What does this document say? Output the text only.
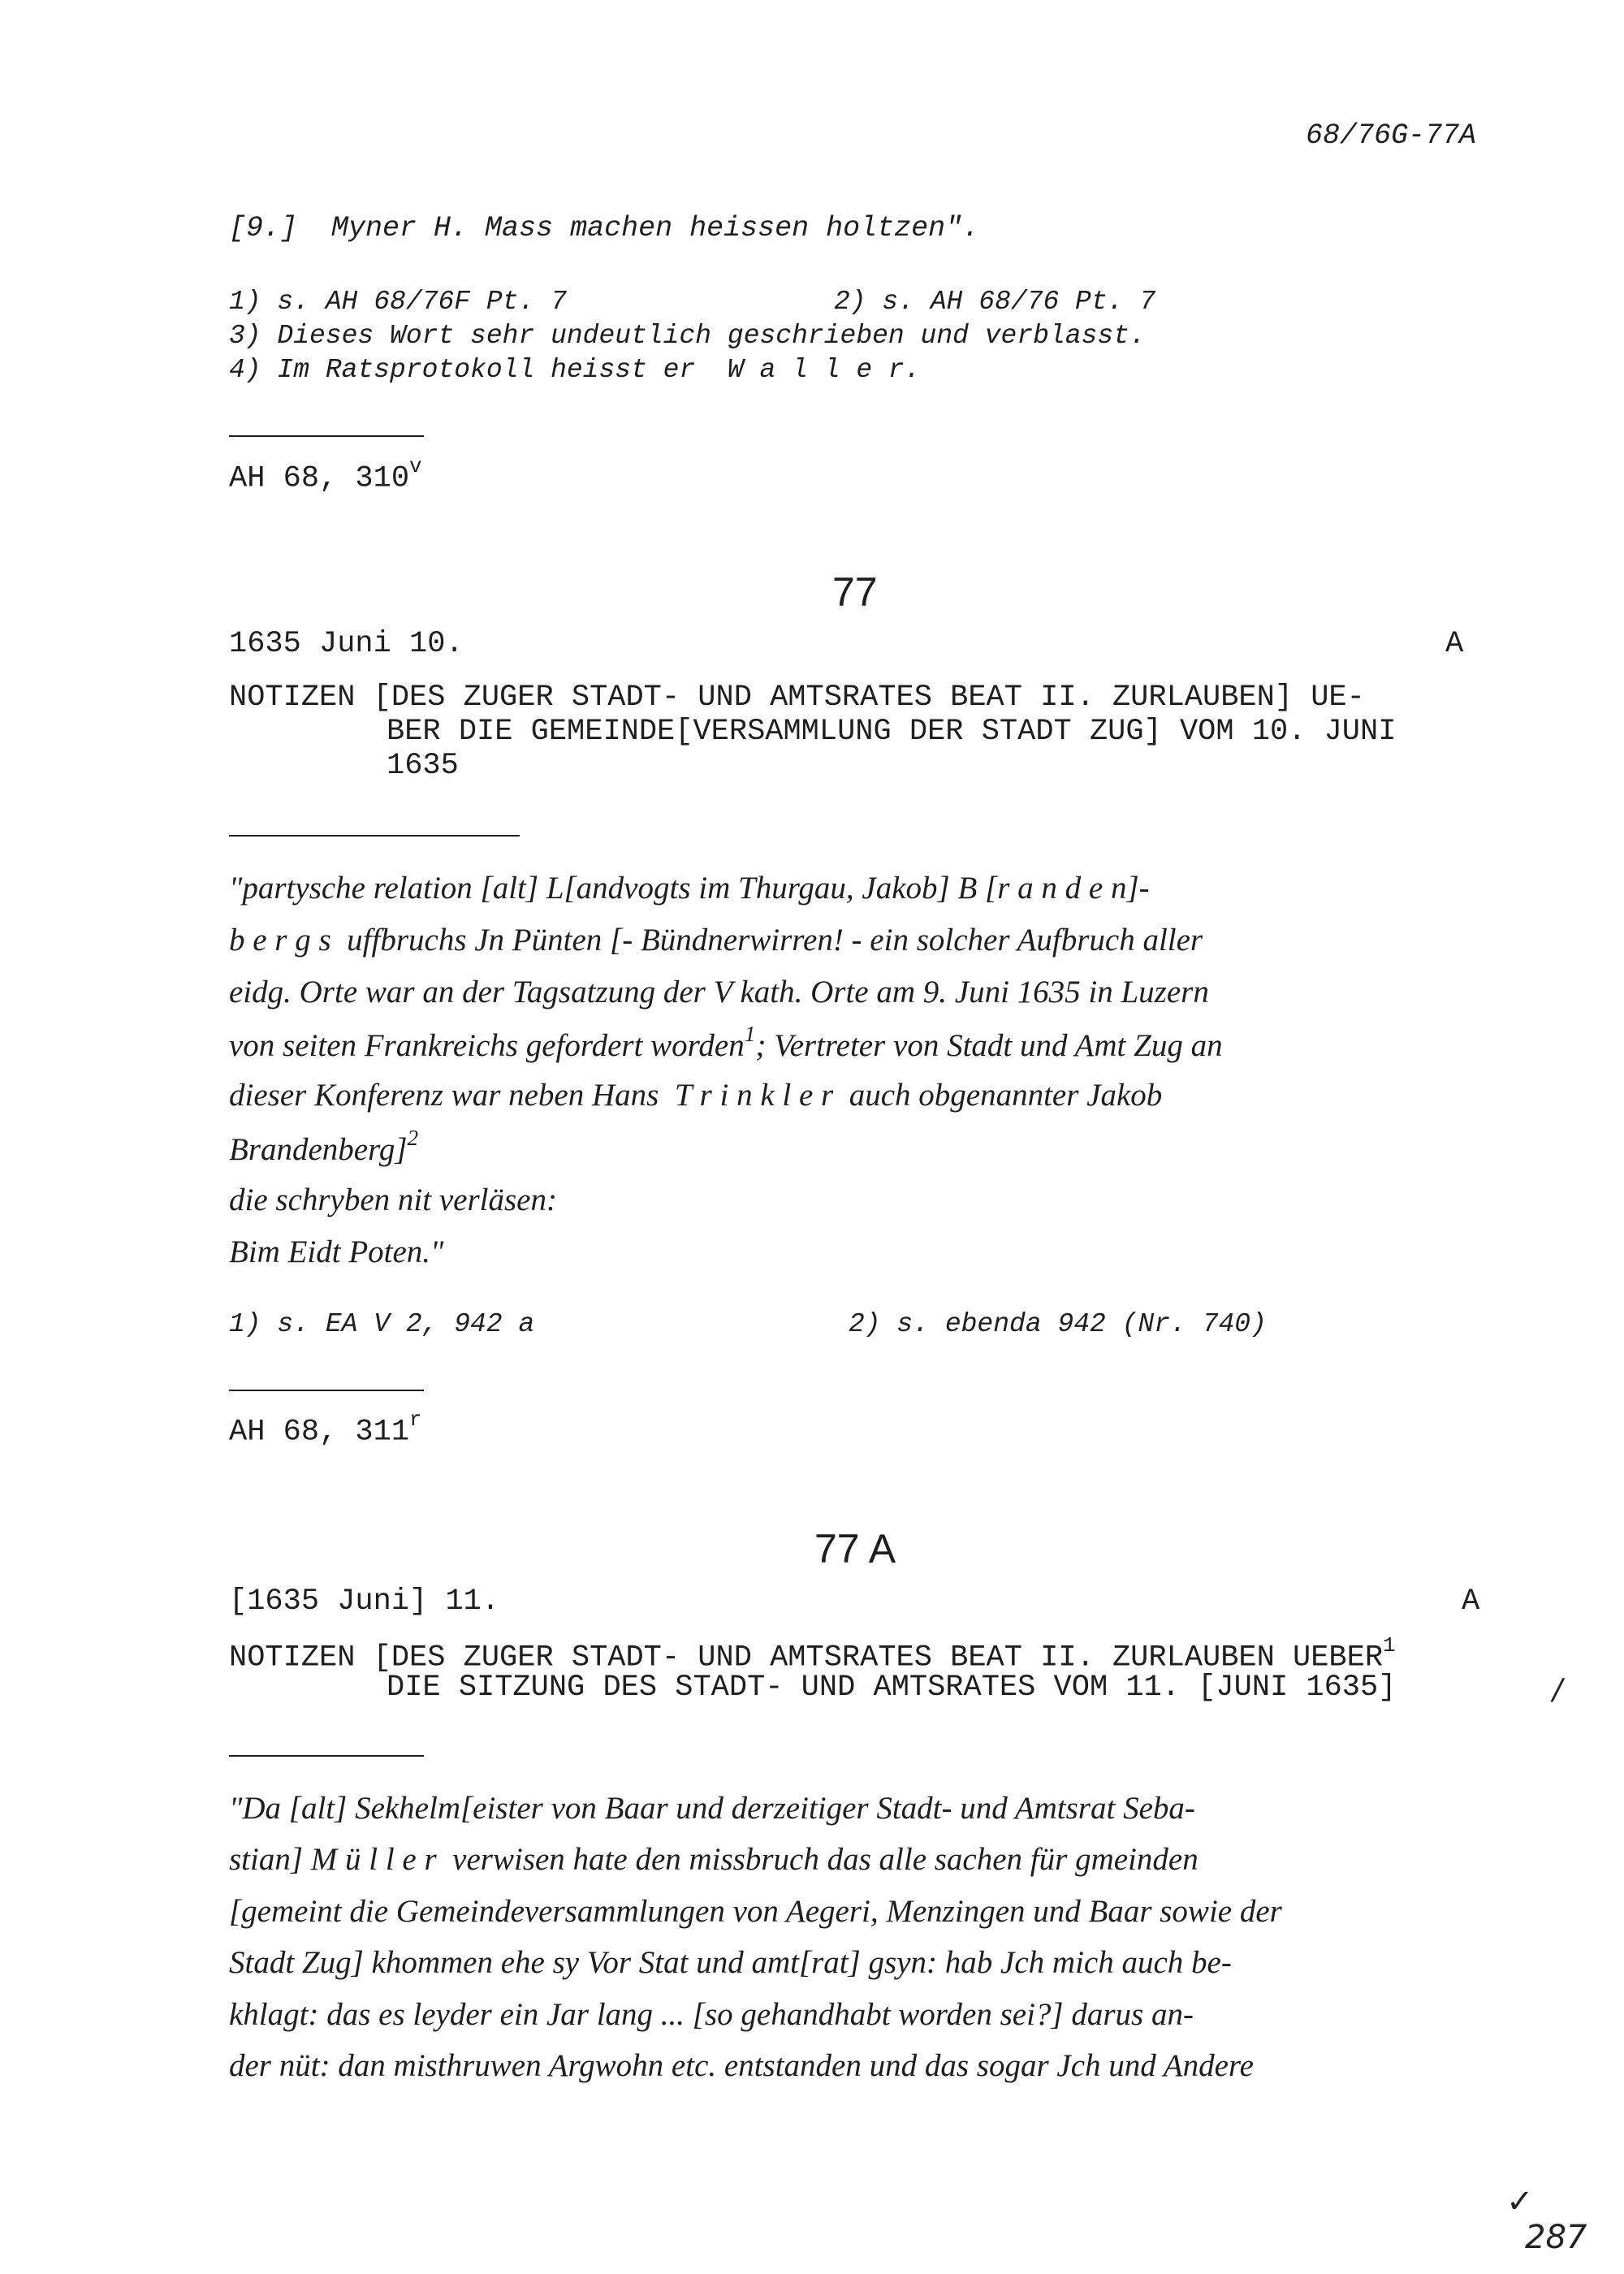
68/76G-77A
[9.]  Myner H. Mass machen heissen holtzen".
1) s. AH 68/76F Pt. 7	2) s. AH 68/76 Pt. 7
3) Dieses Wort sehr undeutlich geschrieben und verblasst.
4) Im Ratsprotokoll heisst er  W a l l e r.
AH 68, 310$^v$
77
1635 Juni 10.	A
NOTIZEN [DES ZUGER STADT- UND AMTSRATES BEAT II. ZURLAUBEN] UE-
BER DIE GEMEINDE[VERSAMMLUNG DER STADT ZUG] VOM 10. JUNI
1635
"partysche relation [alt] L[andvogts im Thurgau, Jakob] B [r a n d e n]-
b e r g s  uffbruchs Jn Pünten [- Bündnerwirren! - ein solcher Aufbruch aller
eidg. Orte war an der Tagsatzung der V kath. Orte am 9. Juni 1635 in Luzern
von seiten Frankreichs gefordert worden$^1$; Vertreter von Stadt und Amt Zug an
dieser Konferenz war neben Hans  T r i n k l e r  auch obgenannter Jakob
Brandenberg]$^2$
die schryben nit verläsen:
Bim Eidt Poten."
1) s. EA V 2, 942 a	2) s. ebenda 942 (Nr. 740)
AH 68, 311$^r$
77 A
[1635 Juni] 11.	A
NOTIZEN [DES ZUGER STADT- UND AMTSRATES BEAT II. ZURLAUBEN UEBER$^1$
DIE SITZUNG DES STADT- UND AMTSRATES VOM 11. [JUNI 1635]	/
"Da [alt] Sekhelm[eister von Baar und derzeitiger Stadt- und Amtsrat Seba-
stian] M ü l l e r  verwisen hate den missbruch das alle sachen für gmeinden
[gemeint die Gemeindeversammlungen von Aegeri, Menzingen und Baar sowie der
Stadt Zug] khommen ehe sy Vor Stat und amt[rat] gsyn: hab Jch mich auch be-
khlagt: das es leyder ein Jar lang ... [so gehandhabt worden sei?] darus an-
der nüt: dan misthruwen Argwohn etc. entstanden und das sogar Jch und Andere
✓
287
